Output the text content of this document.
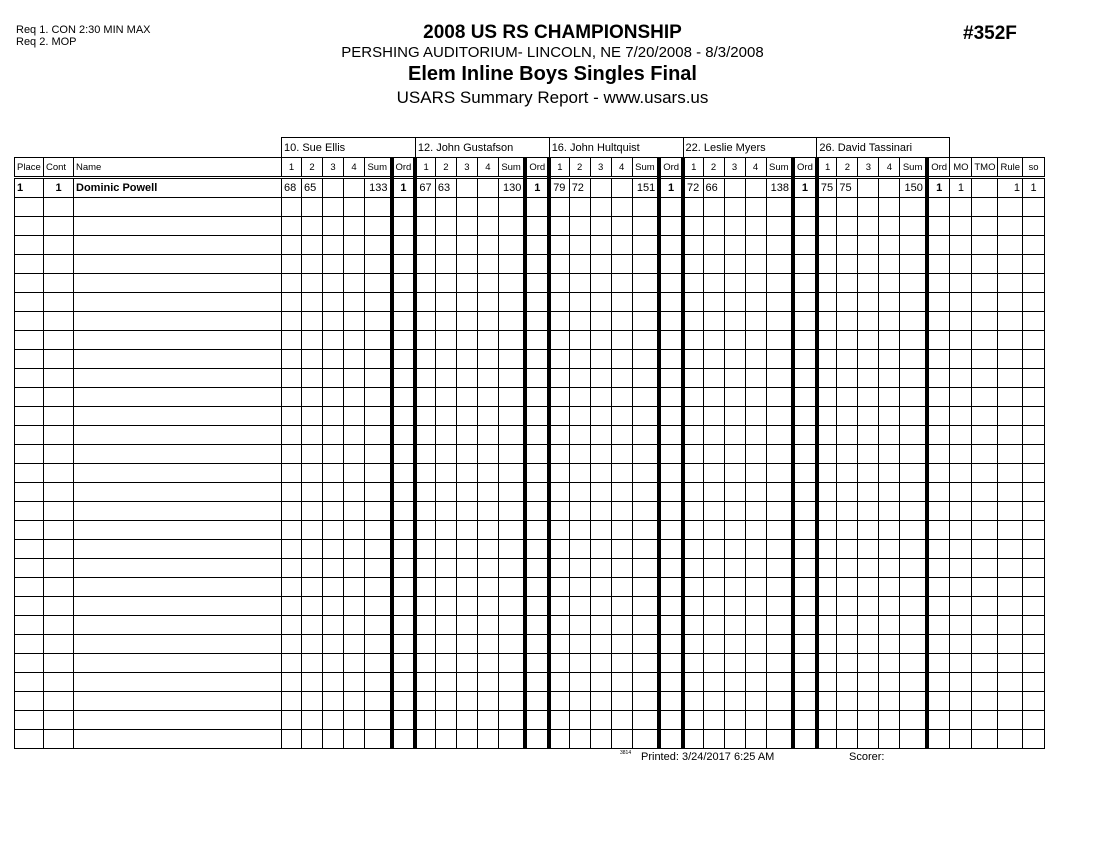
Req 1. CON 2:30 MIN MAX
Req 2. MOP	2008 US RS CHAMPIONSHIP
PERSHING AUDITORIUM- LINCOLN, NE 7/20/2008 - 8/3/2008
Elem Inline Boys Singles Final
USARS Summary Report - www.usars.us
#352F
			10. Sue Ellis						12. John Gustafson						16. John Hultquist						22. Leslie Myers						26. David Tassinari									
Place	Cont	Name	1	2	3	4	Sum	Ord	1	2	3	4	Sum	Ord	1	2	3	4	Sum	Ord	1	2	3	4	Sum	Ord	1	2	3	4	Sum	Ord	MO	TMO	Rule	so
1	1	Dominic Powell	68	65			133	1	67	63			130	1	79	72			151	1	72	66			138	1	75	75			150	1	1		1	1

3814 Printed: 3/24/2017 6:25 AM	Scorer:
